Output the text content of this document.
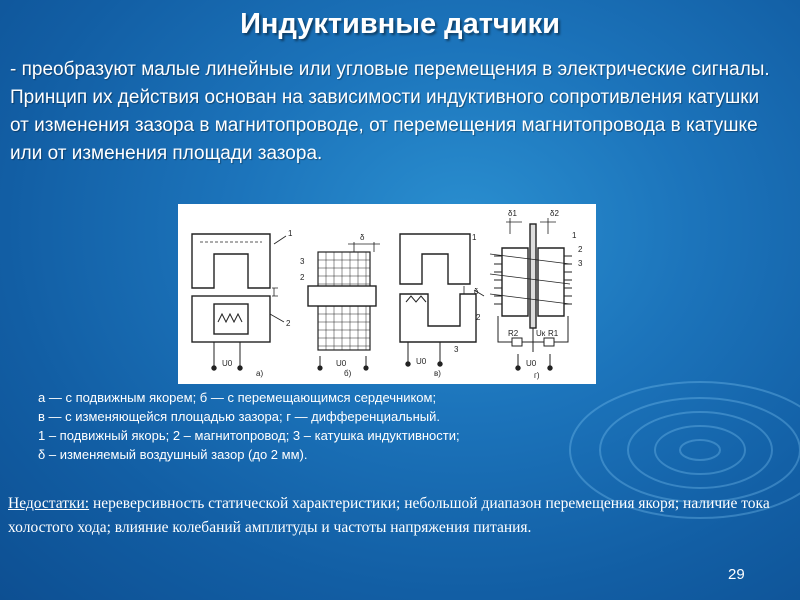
Индуктивные датчики
- преобразуют малые линейные или угловые перемещения в электрические сигналы. Принцип их действия основан на зависимости индуктивного сопротивления катушки от изменения зазора в магнитопроводе, от перемещения магнитопровода в катушке или от изменения площади зазора.
1
2
U0
а)
δ
3
2
U0
б)
1
δ
2
3
U0
в)
δ1	δ2
1
2
3
Uк
R2	R1
U0
г)

а — с подвижным якорем; б — с перемещающимся сердечником;

в — с изменяющейся площадью зазора; г — дифференциальный.

1 – подвижный якорь; 2 – магнитопровод; 3 – катушка индуктивности;

δ – изменяемый воздушный зазор (до 2 мм).

Недостатки: нереверсивность статической характеристики; небольшой диапазон перемещения якоря; наличие тока холостого хода; влияние колебаний амплитуды и частоты напряжения питания.
29
